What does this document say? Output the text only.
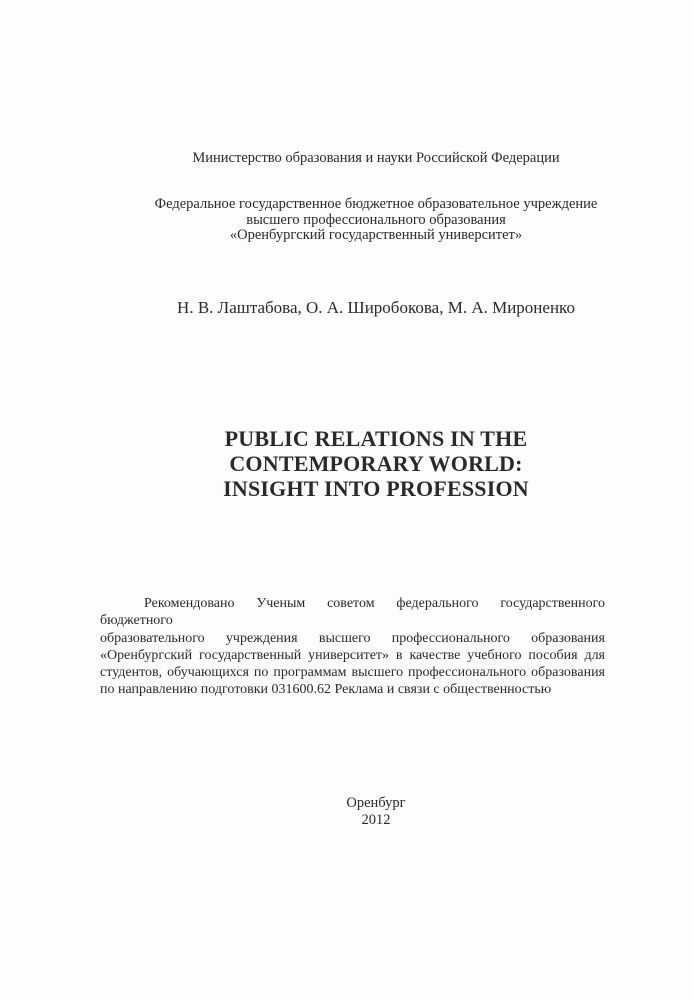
Министерство образования и науки Российской Федерации
Федеральное государственное бюджетное образовательное учреждение
высшего профессионального образования
«Оренбургский государственный университет»
Н. В. Лаштабова, О. А. Широбокова, М. А. Мироненко
PUBLIC RELATIONS IN THE
CONTEMPORARY WORLD:
INSIGHT INTO PROFESSION
Рекомендовано Ученым советом федерального государственного бюджетного
образовательного учреждения высшего профессионального образования
«Оренбургский государственный университет» в качестве учебного пособия для
студентов, обучающихся по программам высшего профессионального образования
по направлению подготовки 031600.62 Реклама и связи с общественностью
Оренбург
2012
